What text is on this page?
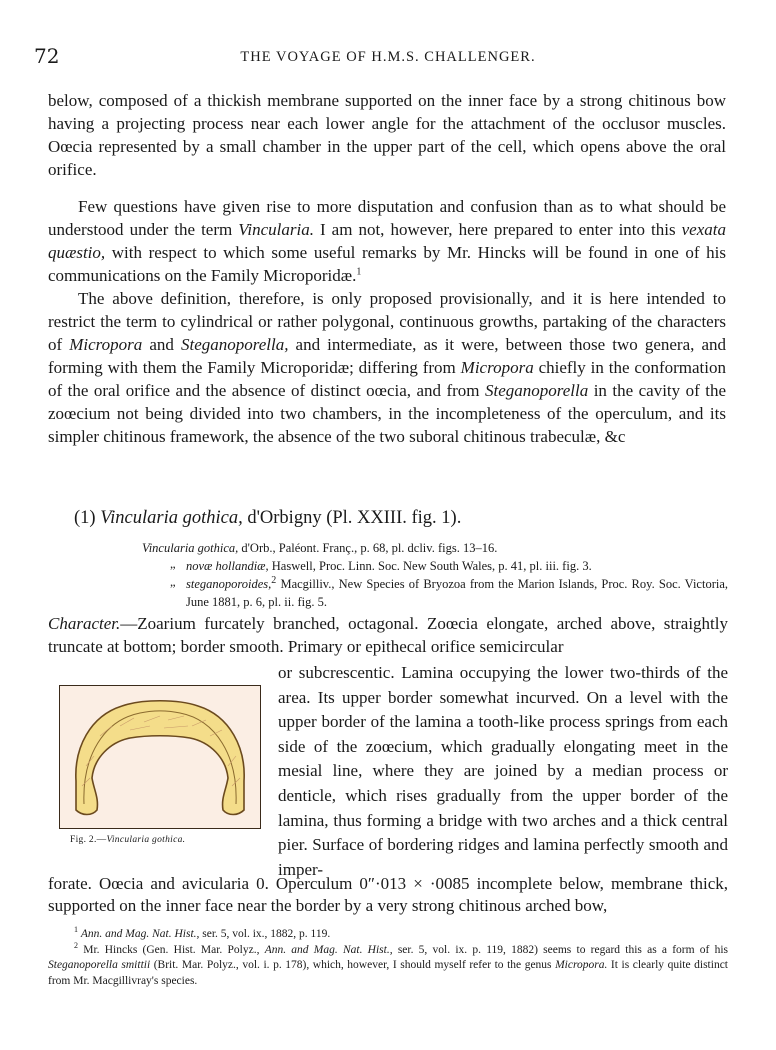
72	THE VOYAGE OF H.M.S. CHALLENGER.
below, composed of a thickish membrane supported on the inner face by a strong chitinous bow having a projecting process near each lower angle for the attachment of the occlusor muscles. Oœcia represented by a small chamber in the upper part of the cell, which opens above the oral orifice.
Few questions have given rise to more disputation and confusion than as to what should be understood under the term Vincularia. I am not, however, here prepared to enter into this vexata quæstio, with respect to which some useful remarks by Mr. Hincks will be found in one of his communications on the Family Microporidæ.$^1$
The above definition, therefore, is only proposed provisionally, and it is here intended to restrict the term to cylindrical or rather polygonal, continuous growths, partaking of the characters of Micropora and Steganoporella, and intermediate, as it were, between those two genera, and forming with them the Family Microporidæ; differing from Micropora chiefly in the conformation of the oral orifice and the absence of distinct oœcia, and from Steganoporella in the cavity of the zoœcium not being divided into two chambers, in the incompleteness of the operculum, and its simpler chitinous framework, the absence of the two suboral chitinous trabeculæ, &c
(1) Vincularia gothica, d'Orbigny (Pl. XXIII. fig. 1).
Vincularia gothica, d'Orb., Paléont. Franç., p. 68, pl. dcliv. figs. 13–16.
„ novæ hollandiæ, Haswell, Proc. Linn. Soc. New South Wales, p. 41, pl. iii. fig. 3.
„ steganoporoides,$^2$ Macgilliv., New Species of Bryozoa from the Marion Islands, Proc. Roy. Soc. Victoria, June 1881, p. 6, pl. ii. fig. 5.
Character.—Zoarium furcately branched, octagonal. Zoœcia elongate, arched above, straightly truncate at bottom; border smooth. Primary or epithecal orifice semicircular
Fig. 2.—Vincularia gothica.
or subcrescentic. Lamina occupying the lower two-thirds of the area. Its upper border somewhat incurved. On a level with the upper border of the lamina a tooth-like process springs from each side of the zoœcium, which gradually elongating meet in the mesial line, where they are joined by a median process or denticle, which rises gradually from the upper border of the lamina, thus forming a bridge with two arches and a thick central pier. Surface of bordering ridges and lamina perfectly smooth and imper-
forate. Oœcia and avicularia 0. Operculum 0″·013 × ·0085 incomplete below, membrane thick, supported on the inner face near the border by a very strong chitinous arched bow,
$^1$ Ann. and Mag. Nat. Hist., ser. 5, vol. ix., 1882, p. 119.
$^2$ Mr. Hincks (Gen. Hist. Mar. Polyz., Ann. and Mag. Nat. Hist., ser. 5, vol. ix. p. 119, 1882) seems to regard this as a form of his Steganoporella smittii (Brit. Mar. Polyz., vol. i. p. 178), which, however, I should myself refer to the genus Micropora. It is clearly quite distinct from Mr. Macgillivray's species.
